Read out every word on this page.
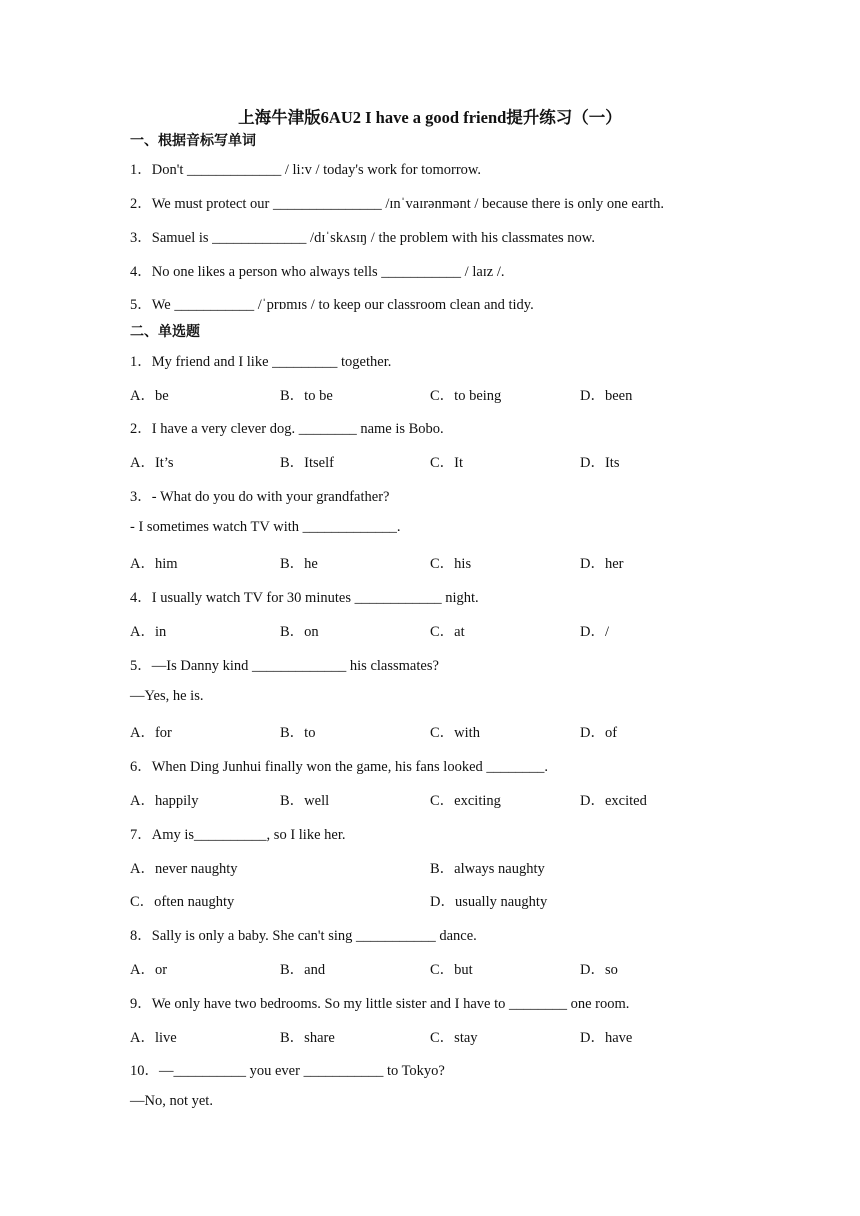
上海牛津版6AU2 I have a good friend提升练习（一）
一、根据音标写单词
1．Don't _____________ / li:v / today's work for tomorrow.
2．We must protect our _______________ /ɪnˈvaɪrənmənt / because there is only one earth.
3．Samuel is _____________ /dɪˈskʌsɪŋ / the problem with his classmates now.
4．No one likes a person who always tells ___________ / laɪz /.
5．We ___________ /ˈprɒmɪs / to keep our classroom clean and tidy.
二、单选题
1．My friend and I like _________ together.
A．be	B．to be	C．to being	D．been
2．I have a very clever dog. ________ name is Bobo.
A．It’s	B．Itself	C．It	D．Its
3．- What do you do with your grandfather?
- I sometimes watch TV with _____________.
A．him	B．he	C．his	D．her
4．I usually watch TV for 30 minutes ____________ night.
A．in	B．on	C．at	D．/
5．—Is Danny kind _____________ his classmates?
—Yes, he is.
A．for	B．to	C．with	D．of
6．When Ding Junhui finally won the game, his fans looked ________.
A．happily	B．well	C．exciting	D．excited
7．Amy is__________, so I like her.
A．never naughty	B．always naughty
C．often naughty	D．usually naughty
8．Sally is only a baby. She can't sing ___________ dance.
A．or	B．and	C．but	D．so
9．We only have two bedrooms. So my little sister and I have to ________ one room.
A．live	B．share	C．stay	D．have
10．—__________ you ever ___________ to Tokyo?
—No, not yet.
